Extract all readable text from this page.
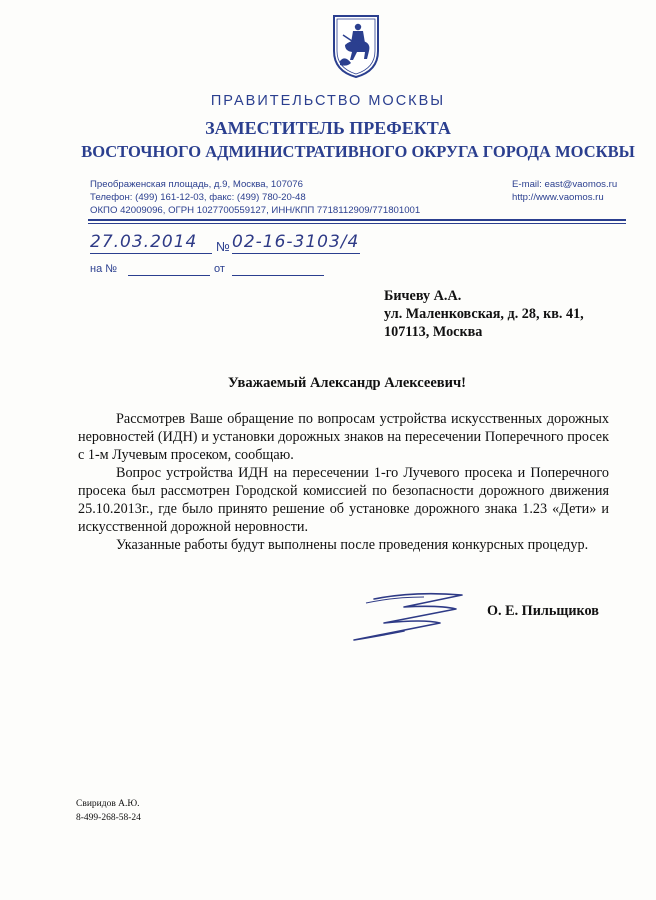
ПРАВИТЕЛЬСТВО МОСКВЫ
ЗАМЕСТИТЕЛЬ ПРЕФЕКТА
ВОСТОЧНОГО АДМИНИСТРАТИВНОГО ОКРУГА ГОРОДА МОСКВЫ
Преображенская площадь, д.9, Москва, 107076
Телефон: (499) 161-12-03, факс: (499) 780-20-48
ОКПО 42009096, ОГРН 1027700559127, ИНН/КПП 7718112909/771801001
E-mail: east@vaomos.ru
http://www.vaomos.ru
27.03.2014 № 02-16-3103/4
на №	от
Бичеву А.А.
ул. Маленковская, д. 28, кв. 41,
107113, Москва
Уважаемый Александр Алексеевич!

Рассмотрев Ваше обращение по вопросам устройства искусственных дорожных неровностей (ИДН) и установки дорожных знаков на пересечении Поперечного просек с 1-м Лучевым просеком, сообщаю.

Вопрос устройства ИДН на пересечении 1-го Лучевого просека и Поперечного просека был рассмотрен Городской комиссией по безопасности дорожного движения 25.10.2013г., где было принято решение об установке дорожного знака 1.23 «Дети» и искусственной дорожной неровности.

Указанные работы будут выполнены после проведения конкурсных процедур.

О. Е. Пильщиков
Свиридов А.Ю.
8-499-268-58-24
